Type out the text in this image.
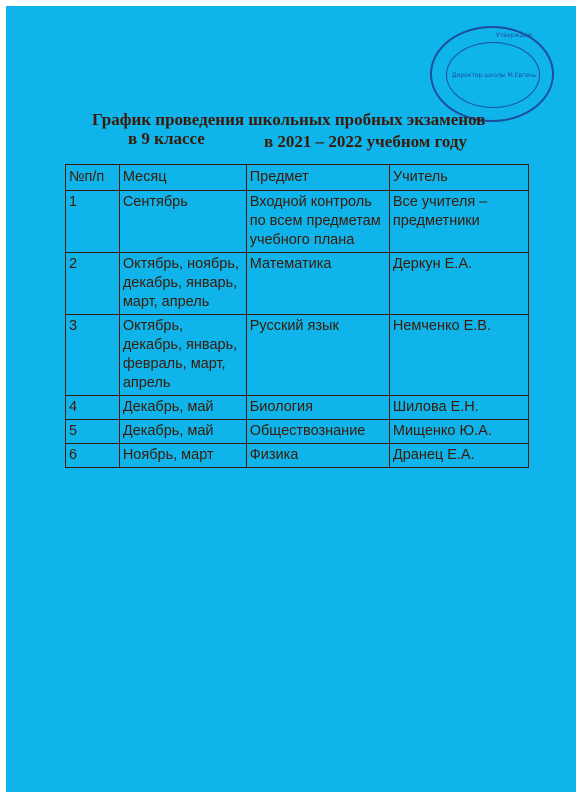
Утверждаю
Директор школы М.Евгень
График проведения школьных пробных экзаменов
в 9 классе	в 2021 – 2022 учебном году
№п/п	Месяц	Предмет	Учитель
1	Сентябрь	Входной контроль по всем предметам учебного плана	Все учителя – предметники
2	Октябрь, ноябрь, декабрь, январь, март, апрель	Математика	Деркун Е.А.
3	Октябрь, декабрь, январь, февраль, март, апрель	Русский язык	Немченко Е.В.
4	Декабрь, май	Биология	Шилова Е.Н.
5	Декабрь, май	Обществознание	Мищенко Ю.А.
6	Ноябрь, март	Физика	Дранец Е.А.
